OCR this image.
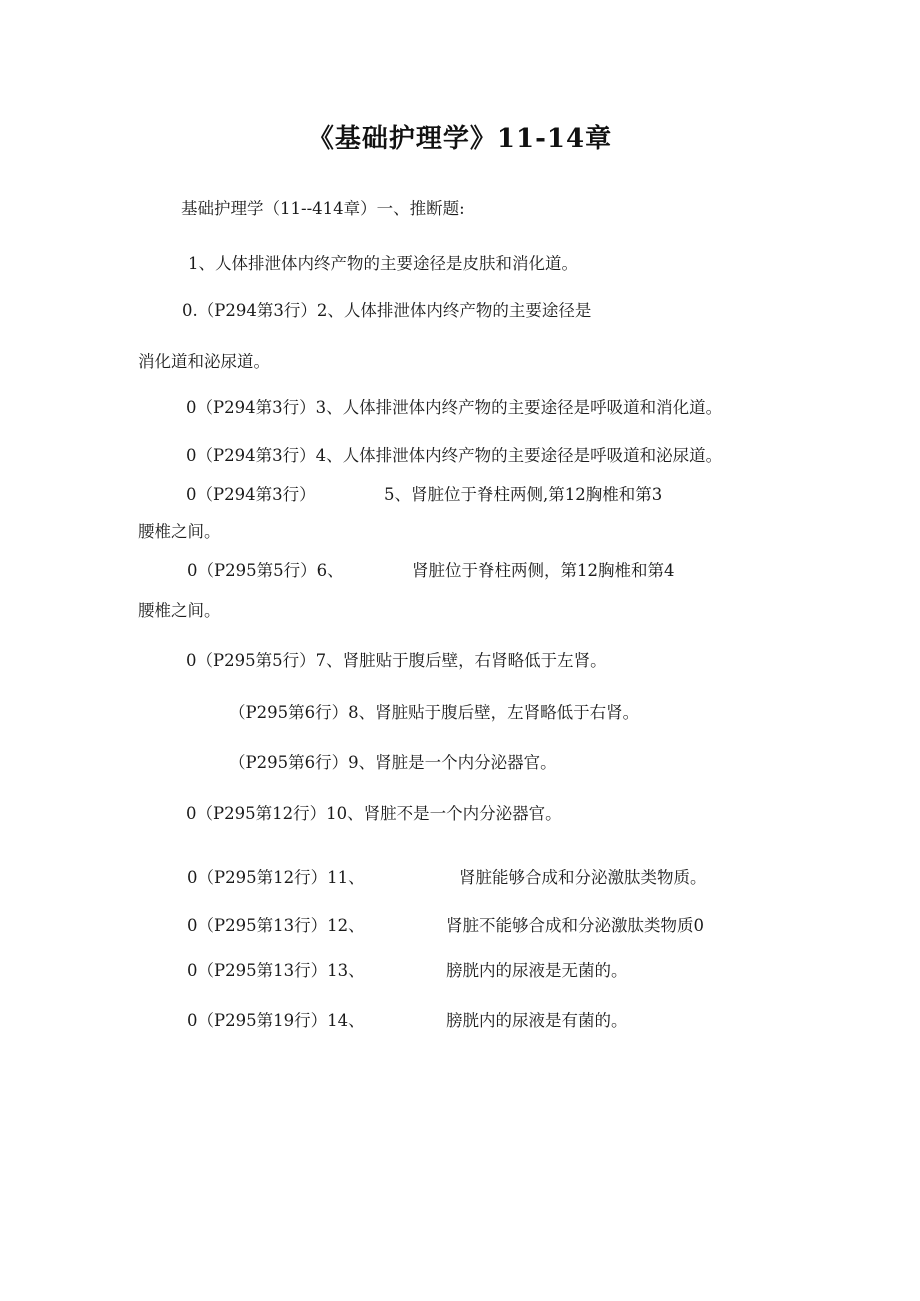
《基础护理学》11-14章
基础护理学（11--414章）一、推断题:
1、人体排泄体内终产物的主要途径是皮肤和消化道。
0.（P294第3行）2、人体排泄体内终产物的主要途径是
消化道和泌尿道。
0（P294第3行）3、人体排泄体内终产物的主要途径是呼吸道和消化道。
0（P294第3行）4、人体排泄体内终产物的主要途径是呼吸道和泌尿道。
0（P294第3行）	5、肾脏位于脊柱两侧,第12胸椎和第3
腰椎之间。
0（P295第5行）6、	肾脏位于脊柱两侧，第12胸椎和第4
腰椎之间。
0（P295第5行）7、肾脏贴于腹后壁，右肾略低于左肾。
（P295第6行）8、肾脏贴于腹后壁，左肾略低于右肾。
（P295第6行）9、肾脏是一个内分泌器官。
0（P295第12行）10、肾脏不是一个内分泌器官。
0（P295第12行）11、	肾脏能够合成和分泌激肽类物质。
0（P295第13行）12、	肾脏不能够合成和分泌激肽类物质0
0（P295第13行）13、	膀胱内的尿液是无菌的。
0（P295第19行）14、	膀胱内的尿液是有菌的。
